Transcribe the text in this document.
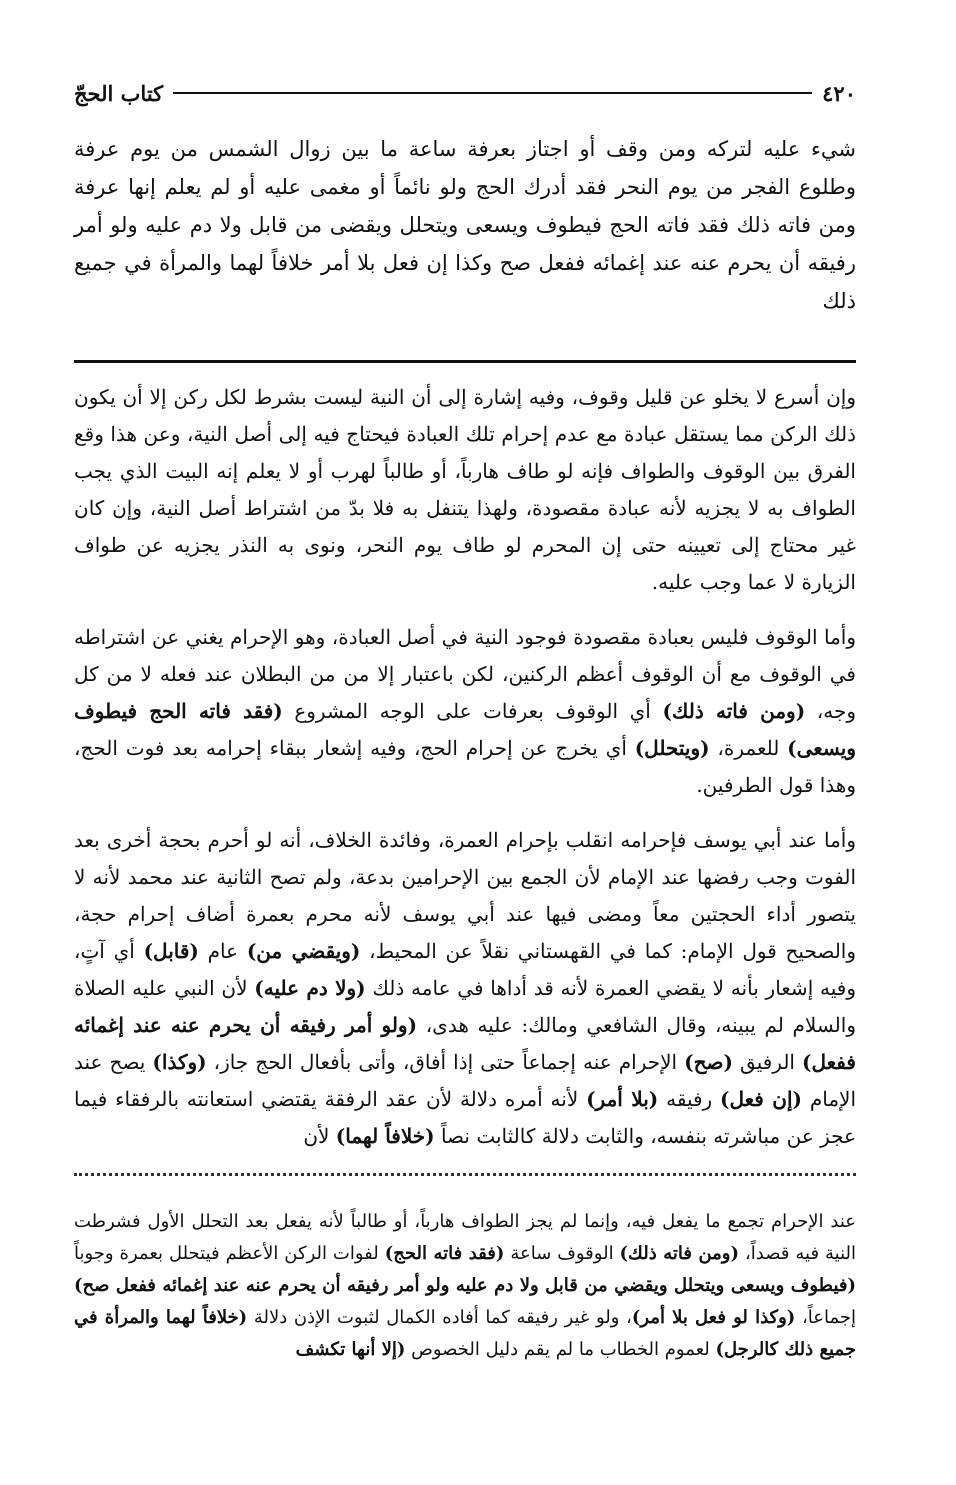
٤٢٠
كتاب الحجّ
شيء عليه لتركه ومن وقف أو اجتاز بعرفة ساعة ما بين زوال الشمس من يوم عرفة وطلوع الفجر من يوم النحر فقد أدرك الحج ولو نائماً أو مغمى عليه أو لم يعلم إنها عرفة ومن فاته ذلك فقد فاته الحج فيطوف ويسعى ويتحلل ويقضى من قابل ولا دم عليه ولو أمر رفيقه أن يحرم عنه عند إغمائه ففعل صح وكذا إن فعل بلا أمر خلافاً لهما والمرأة في جميع ذلك

وإن أسرع لا يخلو عن قليل وقوف، وفيه إشارة إلى أن النية ليست بشرط لكل ركن إلا أن يكون ذلك الركن مما يستقل عبادة مع عدم إحرام تلك العبادة فيحتاج فيه إلى أصل النية، وعن هذا وقع الفرق بين الوقوف والطواف فإنه لو طاف هارباً، أو طالباً لهرب أو لا يعلم إنه البيت الذي يجب الطواف به لا يجزيه لأنه عبادة مقصودة، ولهذا يتنفل به فلا بدّ من اشتراط أصل النية، وإن كان غير محتاج إلى تعيينه حتى إن المحرم لو طاف يوم النحر، ونوى به النذر يجزيه عن طواف الزيارة لا عما وجب عليه.

وأما الوقوف فليس بعبادة مقصودة فوجود النية في أصل العبادة، وهو الإحرام يغني عن اشتراطه في الوقوف مع أن الوقوف أعظم الركنين، لكن باعتبار إلا من من البطلان عند فعله لا من كل وجه، (ومن فاته ذلك) أي الوقوف بعرفات على الوجه المشروع (فقد فاته الحج فيطوف ويسعى) للعمرة، (ويتحلل) أي يخرج عن إحرام الحج، وفيه إشعار ببقاء إحرامه بعد فوت الحج، وهذا قول الطرفين.

وأما عند أبي يوسف فإحرامه انقلب بإحرام العمرة، وفائدة الخلاف، أنه لو أحرم بحجة أخرى بعد الفوت وجب رفضها عند الإمام لأن الجمع بين الإحرامين بدعة، ولم تصح الثانية عند محمد لأنه لا يتصور أداء الحجتين معاً ومضى فيها عند أبي يوسف لأنه محرم بعمرة أضاف إحرام حجة، والصحيح قول الإمام: كما في القهستاني نقلاً عن المحيط، (ويقضي من) عام (قابل) أي آتٍ، وفيه إشعار بأنه لا يقضي العمرة لأنه قد أداها في عامه ذلك (ولا دم عليه) لأن النبي عليه الصلاة والسلام لم يبينه، وقال الشافعي ومالك: عليه هدى، (ولو أمر رفيقه أن يحرم عنه عند إغمائه ففعل) الرفيق (صح) الإحرام عنه إجماعاً حتى إذا أفاق، وأتى بأفعال الحج جاز، (وكذا) يصح عند الإمام (إن فعل) رفيقه (بلا أمر) لأنه أمره دلالة لأن عقد الرفقة يقتضي استعانته بالرفقاء فيما عجز عن مباشرته بنفسه، والثابت دلالة كالثابت نصاً (خلافاً لهما) لأن

عند الإحرام تجمع ما يفعل فيه، وإنما لم يجز الطواف هارباً، أو طالباً لأنه يفعل بعد التحلل الأول فشرطت النية فيه قصداً، (ومن فاته ذلك) الوقوف ساعة (فقد فاته الحج) لفوات الركن الأعظم فيتحلل بعمرة وجوباً (فيطوف ويسعى ويتحلل ويقضي من قابل ولا دم عليه ولو أمر رفيقه أن يحرم عنه عند إغمائه ففعل صح) إجماعاً، (وكذا لو فعل بلا أمر)، ولو غير رفيقه كما أفاده الكمال لثبوت الإذن دلالة (خلافاً لهما والمرأة في جميع ذلك كالرجل) لعموم الخطاب ما لم يقم دليل الخصوص (إلا أنها تكشف
